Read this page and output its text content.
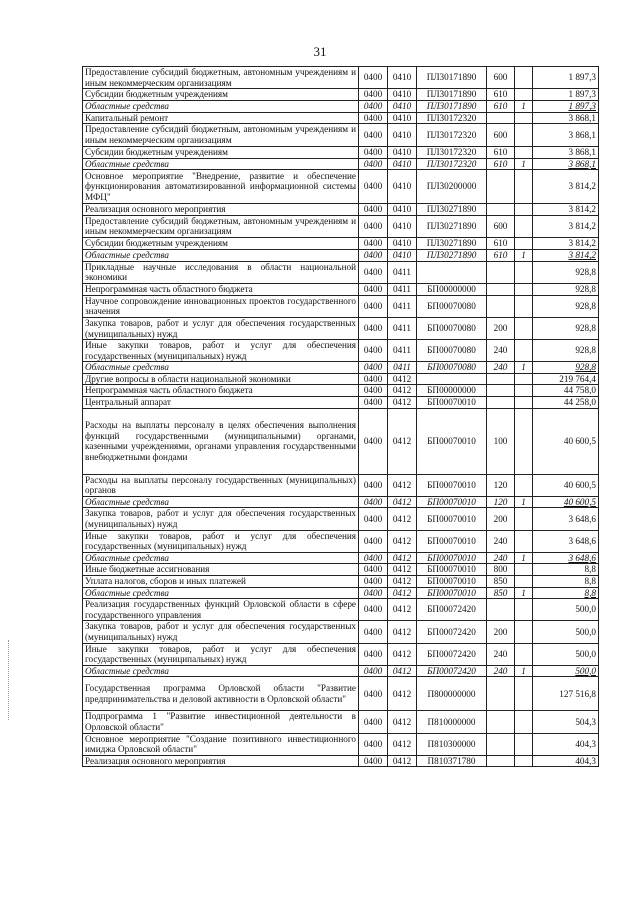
31
Предоставление субсидий бюджетным, автономным учреждениям и иным некоммерческим организациям	0400	0410	ПЛ30171890	600		1 897,3
Субсидии бюджетным учреждениям	0400	0410	ПЛ30171890	610		1 897,3
Областные средства	0400	0410	ПЛ30171890	610	1	1 897,3
Капитальный ремонт	0400	0410	ПЛ30172320			3 868,1
Предоставление субсидий бюджетным, автономным учреждениям и иным некоммерческим организациям	0400	0410	ПЛ30172320	600		3 868,1
Субсидии бюджетным учреждениям	0400	0410	ПЛ30172320	610		3 868,1
Областные средства	0400	0410	ПЛ30172320	610	1	3 868,1
Основное мероприятие "Внедрение, развитие и обеспечение функционирования автоматизированной информационной системы МФЦ"	0400	0410	ПЛ30200000			3 814,2
Реализация основного мероприятия	0400	0410	ПЛ30271890			3 814,2
Предоставление субсидий бюджетным, автономным учреждениям и иным некоммерческим организациям	0400	0410	ПЛ30271890	600		3 814,2
Субсидии бюджетным учреждениям	0400	0410	ПЛ30271890	610		3 814,2
Областные средства	0400	0410	ПЛ30271890	610	1	3 814,2
Прикладные научные исследования в области национальной экономики	0400	0411				928,8
Непрограммная часть областного бюджета	0400	0411	БП00000000			928,8
Научное сопровождение инновационных проектов государственного значения	0400	0411	БП00070080			928,8
Закупка товаров, работ и услуг для обеспечения государственных (муниципальных) нужд	0400	0411	БП00070080	200		928,8
Иные закупки товаров, работ и услуг для обеспечения государственных (муниципальных) нужд	0400	0411	БП00070080	240		928,8
Областные средства	0400	0411	БП00070080	240	1	928,8
Другие вопросы в области национальной экономики	0400	0412				219 764,4
Непрограммная часть областного бюджета	0400	0412	БП00000000			44 758,0
Центральный аппарат	0400	0412	БП00070010			44 258,0
Расходы на выплаты персоналу в целях обеспечения выполнения функций государственными (муниципальными) органами, казенными учреждениями, органами управления государственными внебюджетными фондами	0400	0412	БП00070010	100		40 600,5
Расходы на выплаты персоналу государственных (муниципальных) органов	0400	0412	БП00070010	120		40 600,5
Областные средства	0400	0412	БП00070010	120	1	40 600,5
Закупка товаров, работ и услуг для обеспечения государственных (муниципальных) нужд	0400	0412	БП00070010	200		3 648,6
Иные закупки товаров, работ и услуг для обеспечения государственных (муниципальных) нужд	0400	0412	БП00070010	240		3 648,6
Областные средства	0400	0412	БП00070010	240	1	3 648,6
Иные бюджетные ассигнования	0400	0412	БП00070010	800		8,8
Уплата налогов, сборов и иных платежей	0400	0412	БП00070010	850		8,8
Областные средства	0400	0412	БП00070010	850	1	8,8
Реализация государственных функций Орловской области в сфере государственного управления	0400	0412	БП00072420			500,0
Закупка товаров, работ и услуг для обеспечения государственных (муниципальных) нужд	0400	0412	БП00072420	200		500,0
Иные закупки товаров, работ и услуг для обеспечения государственных (муниципальных) нужд	0400	0412	БП00072420	240		500,0
Областные средства	0400	0412	БП00072420	240	1	500,0
Государственная программа Орловской области "Развитие предпринимательства и деловой активности в Орловской области"	0400	0412	П800000000			127 516,8
Подпрограмма 1 "Развитие инвестиционной деятельности в Орловской области"	0400	0412	П810000000			504,3
Основное мероприятие "Создание позитивного инвестиционного имиджа Орловской области"	0400	0412	П810300000			404,3
Реализация основного мероприятия	0400	0412	П810371780			404,3
